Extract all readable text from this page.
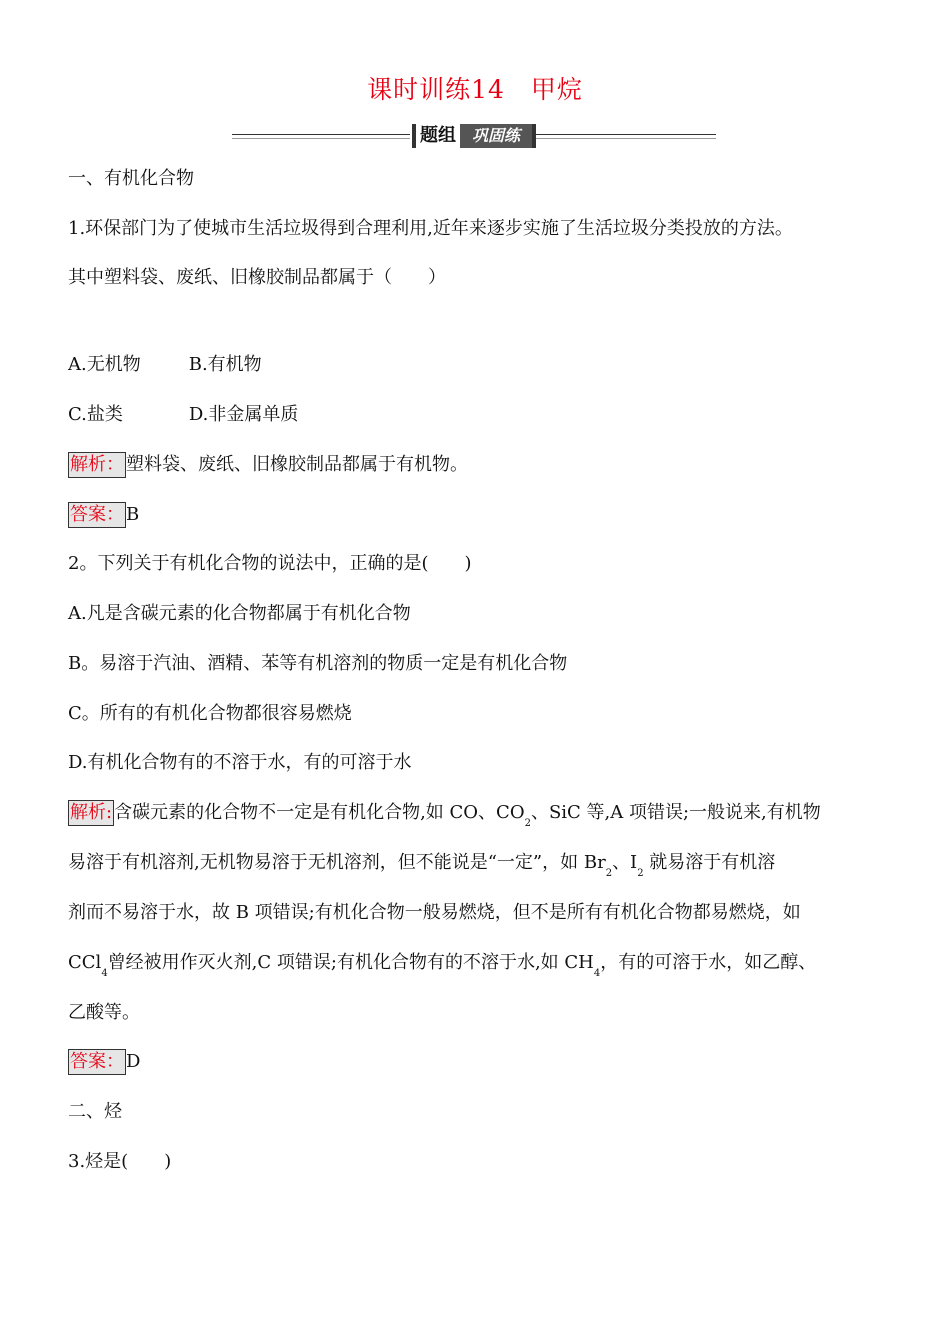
课时训练14　甲烷
题组 巩固练
一、有机化合物
1.环保部门为了使城市生活垃圾得到合理利用,近年来逐步实施了生活垃圾分类投放的方法。
其中塑料袋、废纸、旧橡胶制品都属于（　　）
A.无机物	B.有机物
C.盐类	D.非金属单质
解析： 塑料袋、废纸、旧橡胶制品都属于有机物。
答案： B
2。下列关于有机化合物的说法中，正确的是(　　)
A.凡是含碳元素的化合物都属于有机化合物
B。易溶于汽油、酒精、苯等有机溶剂的物质一定是有机化合物
C。所有的有机化合物都很容易燃烧
D.有机化合物有的不溶于水，有的可溶于水
解析: 含碳元素的化合物不一定是有机化合物,如 CO、$CO_2$、SiC 等,A 项错误;一般说来,有机物
易溶于有机溶剂,无机物易溶于无机溶剂，但不能说是“一定”，如 $Br_2$、$I_2$ 就易溶于有机溶
剂而不易溶于水，故 B 项错误;有机化合物一般易燃烧，但不是所有有机化合物都易燃烧，如
CCl$_4$曾经被用作灭火剂,C 项错误;有机化合物有的不溶于水,如 $CH_4$，有的可溶于水，如乙醇、
乙酸等。
答案： D
二、烃
3.烃是(　　)
